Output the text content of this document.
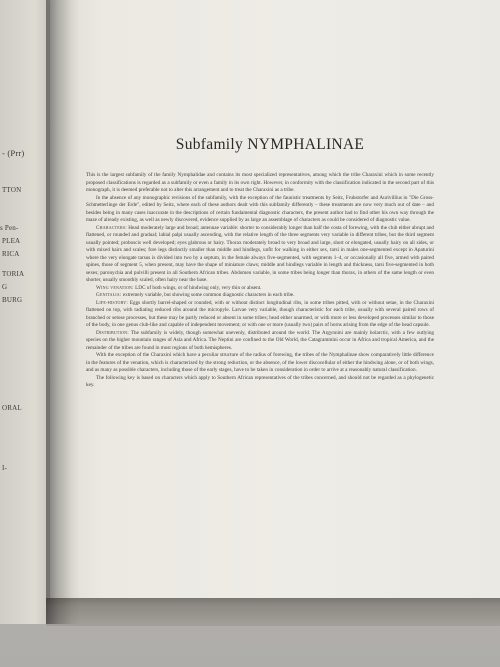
- (Prr)
TTON
s Pen-
PLEA
RICA
TORIA
G
BURG
ORAL
I-
Subfamily NYMPHALINAE

This is the largest subfamily of the family Nymphalidae and contains its most specialized representatives, among which the tribe Charaxini which in some recently proposed classifications is regarded as a subfamily or even a family in its own right. However, in conformity with the classification indicated in the second part of this monograph, it is deemed preferable not to alter this arrangement and to treat the Charaxini as a tribe.

In the absence of any monographic revisions of the subfamily, with the exception of the faunistic treatments by Seitz, Fruhstorfer and Aurivillius in "Die Gross-Schmetterlinge der Erde", edited by Seitz, where each of these authors dealt with this subfamily differently – these treatments are now very much out of date – and besides being in many cases inaccurate in the descriptions of certain fundamental diagnostic characters, the present author had to find other his own way through the maze of already existing, as well as newly discovered, evidence supplied by as large an assemblage of characters as could be considered of diagnostic value.

Characters: Head moderately large and broad; antennae variable: shorter to considerably longer than half the costa of forewing, with the club either abrupt and flattened, or rounded and gradual; labial palpi usually ascending, with the relative length of the three segments very variable in different tribes, but the third segment usually pointed; proboscis well developed; eyes glabrous or hairy. Thorax moderately broad to very broad and large, short or elongated, usually hairy on all sides, or with mixed hairs and scales; fore legs distinctly smaller than middle and hindlegs, unfit for walking in either sex, tarsi in males one-segmented except in Apaturini where the very elongate tarsus is divided into two by a septum, in the female always five-segmented, with segments 1–4, or occasionally all five, armed with paired spines, those of segment 5, when present, may have the shape of miniature claws; middle and hindlegs variable in length and thickness, tarsi five-segmented in both sexes; paronychia and pulvilli present in all Southern African tribes. Abdomen variable, in some tribes being longer than thorax, in others of the same length or even shorter, usually smoothly scaled, often hairy near the base.

Wing venation: LDC of both wings, or of hindwing only, very thin or absent.

Genitalia: extremely variable, but showing some common diagnostic characters in each tribe.

Life-history: Eggs shortly barrel-shaped or rounded, with or without distinct longitudinal ribs, in some tribes pitted, with or without setae, in the Charaxini flattened on top, with radiating reduced ribs around the micropyle. Larvae very variable, though characteristic for each tribe, usually with several paired rows of branched or setose processes, but these may be partly reduced or absent in some tribes; head either unarmed, or with more or less developed processes similar to those of the body, in one genus club-like and capable of independent movement; or with one or more (usually two) pairs of horns arising from the edge of the head capsule.

Distribution: The subfamily is widely, though somewhat unevenly, distributed around the world. The Argynnini are mainly holarctic, with a few outlying species on the higher mountain ranges of Asia and Africa. The Neptini are confined to the Old World, the Catagrammini occur in Africa and tropical America, and the remainder of the tribes are found in most regions of both hemispheres.

With the exception of the Charaxini which have a peculiar structure of the radius of forewing, the tribes of the Nymphalinae show comparatively little difference in the features of the venation, which is characterized by the strong reduction, or the absence, of the lower discocellular of either the hindwing alone, or of both wings, and as many as possible characters, including those of the early stages, have to be taken in consideration in order to arrive at a reasonably natural classification.

The following key is based on characters which apply to Southern African representatives of the tribes concerned, and should not be regarded as a phylogenetic key.
